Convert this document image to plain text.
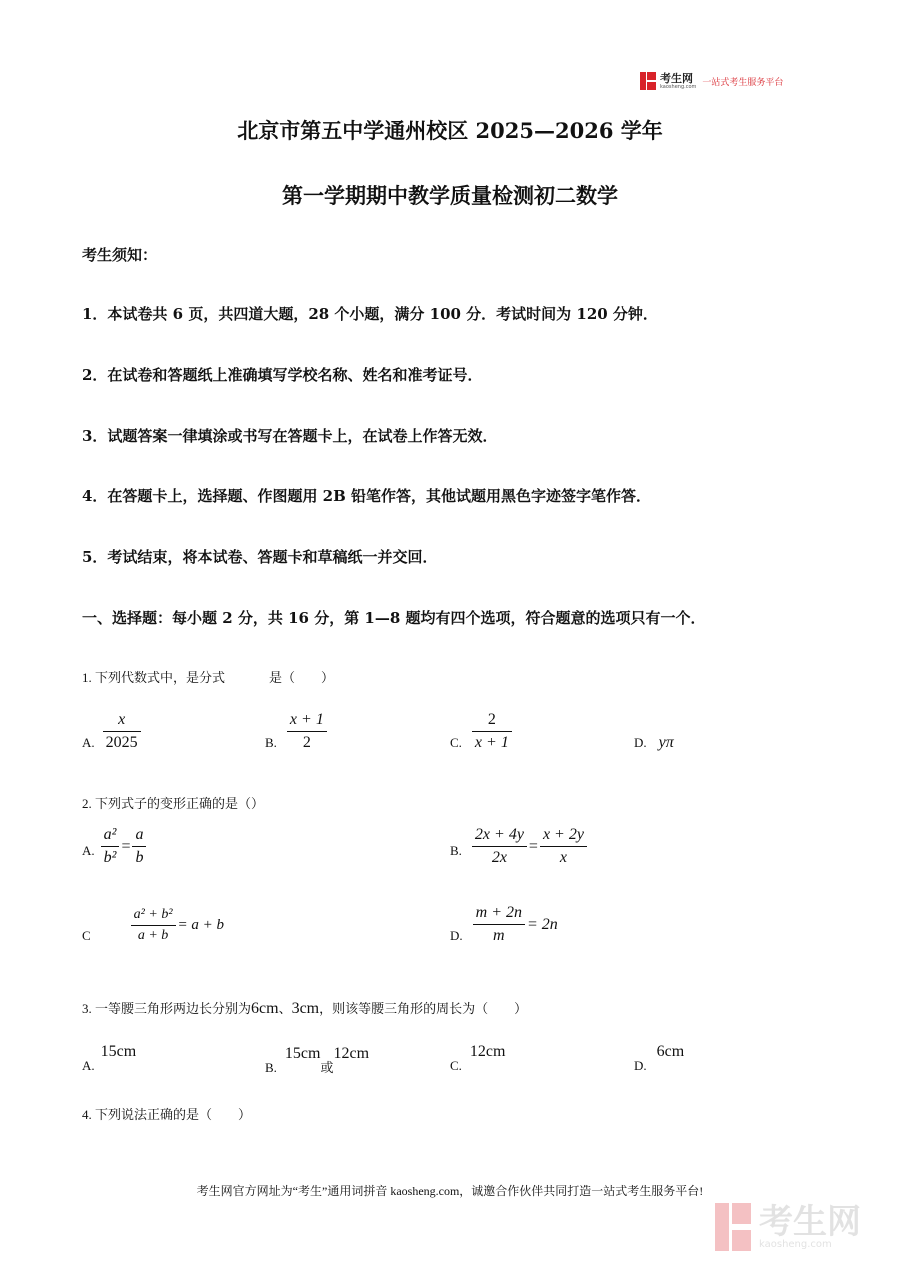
考生网
kaosheng.com 一站式考生服务平台
北京市第五中学通州校区 2025—2026 学年
第一学期期中教学质量检测初二数学
考生须知：
1．本试卷共 6 页，共四道大题，28 个小题，满分 100 分．考试时间为 120 分钟．
2．在试卷和答题纸上准确填写学校名称、姓名和准考证号．
3．试题答案一律填涂或书写在答题卡上，在试卷上作答无效．
4．在答题卡上，选择题、作图题用 2B 铅笔作答，其他试题用黑色字迹签字笔作答．
5．考试结束，将本试卷、答题卡和草稿纸一并交回．
一、选择题：每小题 2 分，共 16 分，第 1—8 题均有四个选项，符合题意的选项只有一个．
1. 下列代数式中，是分式	是（　　）
A. $\frac{x}{2025}$	B. $\frac{x + 1}{2}$	C. $\frac{2}{x + 1}$	D. yπ
2. 下列式子的变形正确的是（）
A. $\frac{\text{a²}}{\text{b²}} = \frac{a}{b}$	B. $\frac{2x + 4y}{2x} = \frac{x + 2y}{x}$
C	$\frac{\text{a² + b²}}{a + b} = a + b$
D. $\frac{m + 2n}{m} = 2n$
3. 一等腰三角形两边长分别为6cm、3cm，则该等腰三角形的周长为（　　）
A.15cm
B.15cm或12cm
C.12cm
D.6cm
4. 下列说法正确的是（　　）
考生网官方网址为“考生”通用词拼音 kaosheng.com，诚邀合作伙伴共同打造一站式考生服务平台!
考生网
kaosheng.com
